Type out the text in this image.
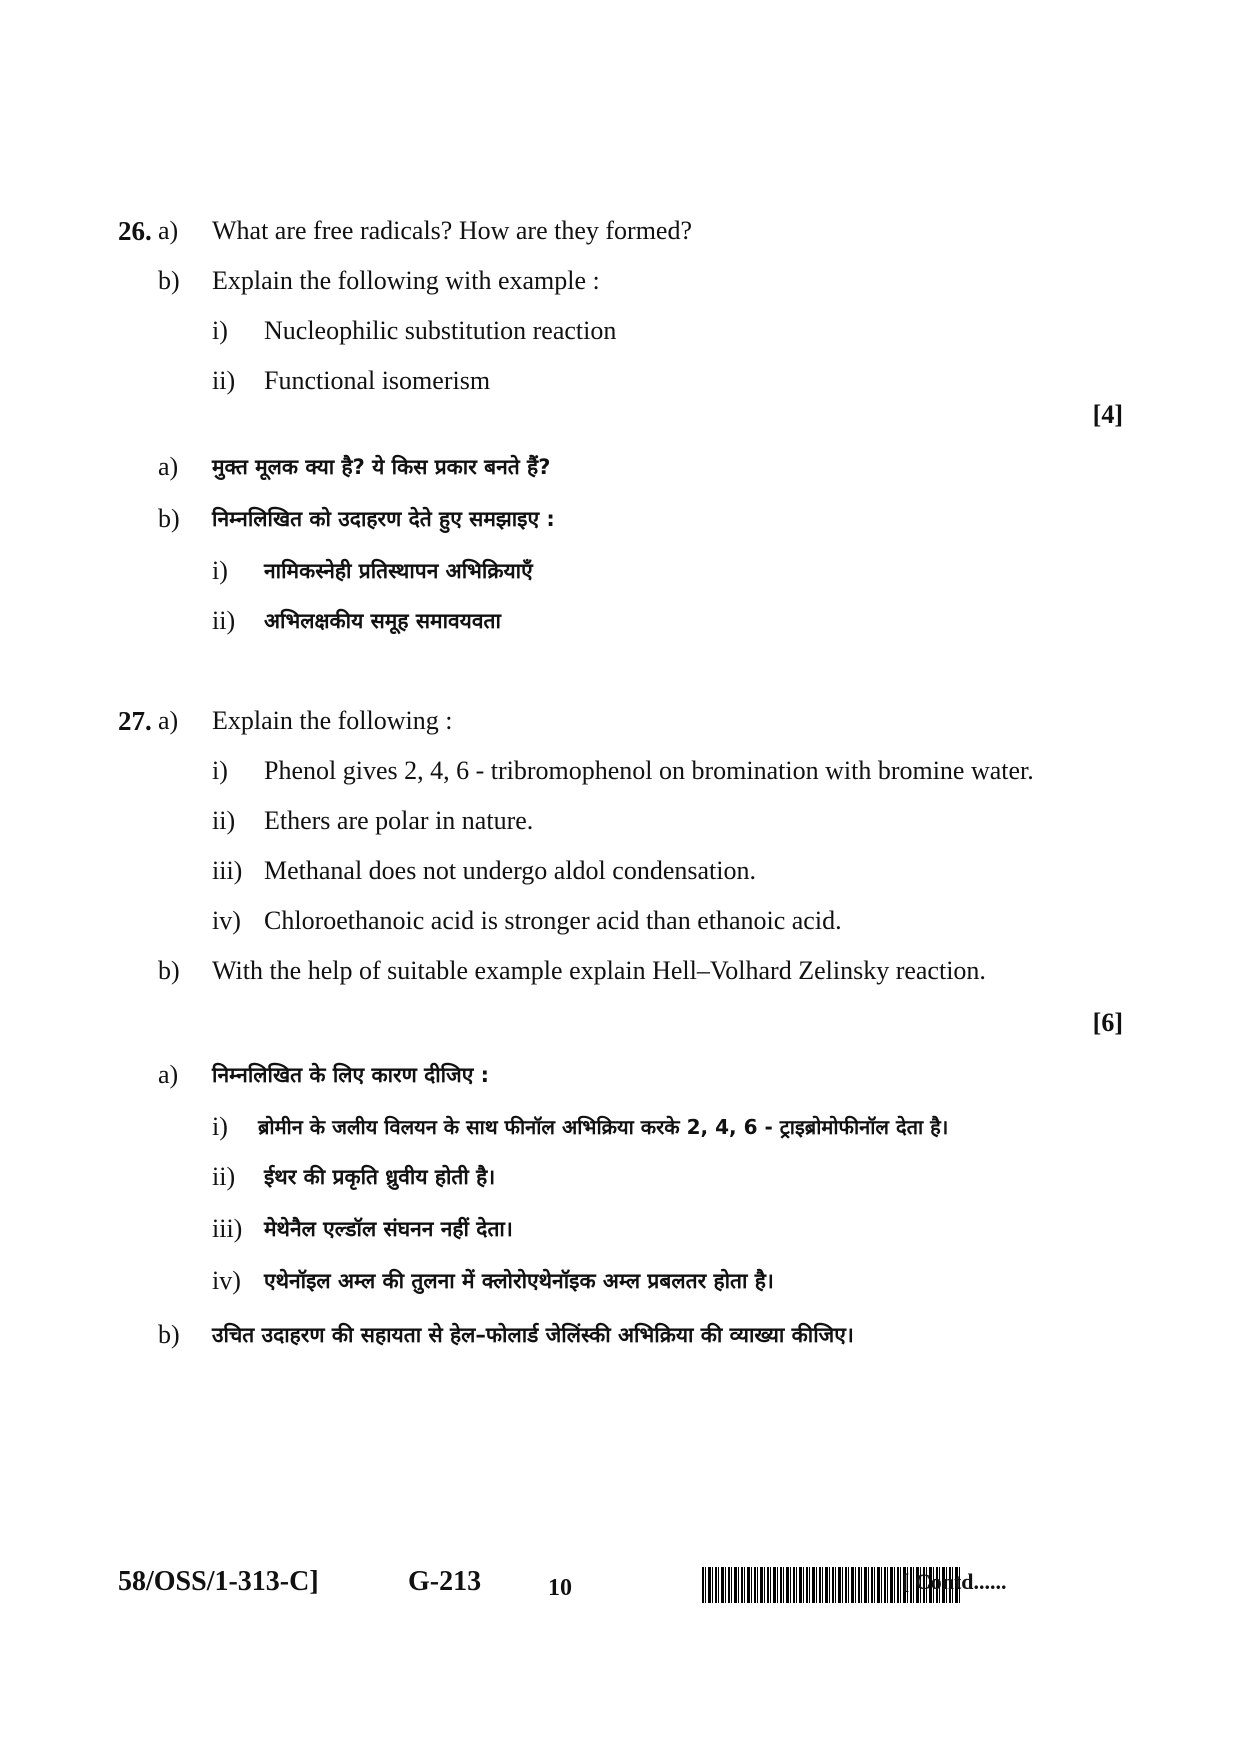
26. a) What are free radicals? How are they formed?
b) Explain the following with example :
i) Nucleophilic substitution reaction
ii) Functional isomerism
[4]
a) मुक्त मूलक क्या है? ये किस प्रकार बनते हैं?
b) निम्नलिखित को उदाहरण देते हुए समझाइए :
i) नामिकस्नेही प्रतिस्थापन अभिक्रियाएँ
ii) अभिलक्षकीय समूह समावयवता
27. a) Explain the following :
i) Phenol gives 2, 4, 6 - tribromophenol on bromination with bromine water.
ii) Ethers are polar in nature.
iii) Methanal does not undergo aldol condensation.
iv) Chloroethanoic acid is stronger acid than ethanoic acid.
b) With the help of suitable example explain Hell–Volhard Zelinsky reaction.
[6]
a) निम्नलिखित के लिए कारण दीजिए :
i) ब्रोमीन के जलीय विलयन के साथ फीनॉल अभिक्रिया करके 2, 4, 6 - ट्राइब्रोमोफीनॉल देता है।
ii) ईथर की प्रकृति ध्रुवीय होती है।
iii) मेथेनैल एल्डॉल संघनन नहीं देता।
iv) एथेनॉइल अम्ल की तुलना में क्लोरोएथेनॉइक अम्ल प्रबलतर होता है।
b) उचित उदाहरण की सहायता से हेल–फोलार्ड जेलिंस्की अभिक्रिया की व्याख्या कीजिए।
58/OSS/1-313-C]	G-213	10	[ Contd......
